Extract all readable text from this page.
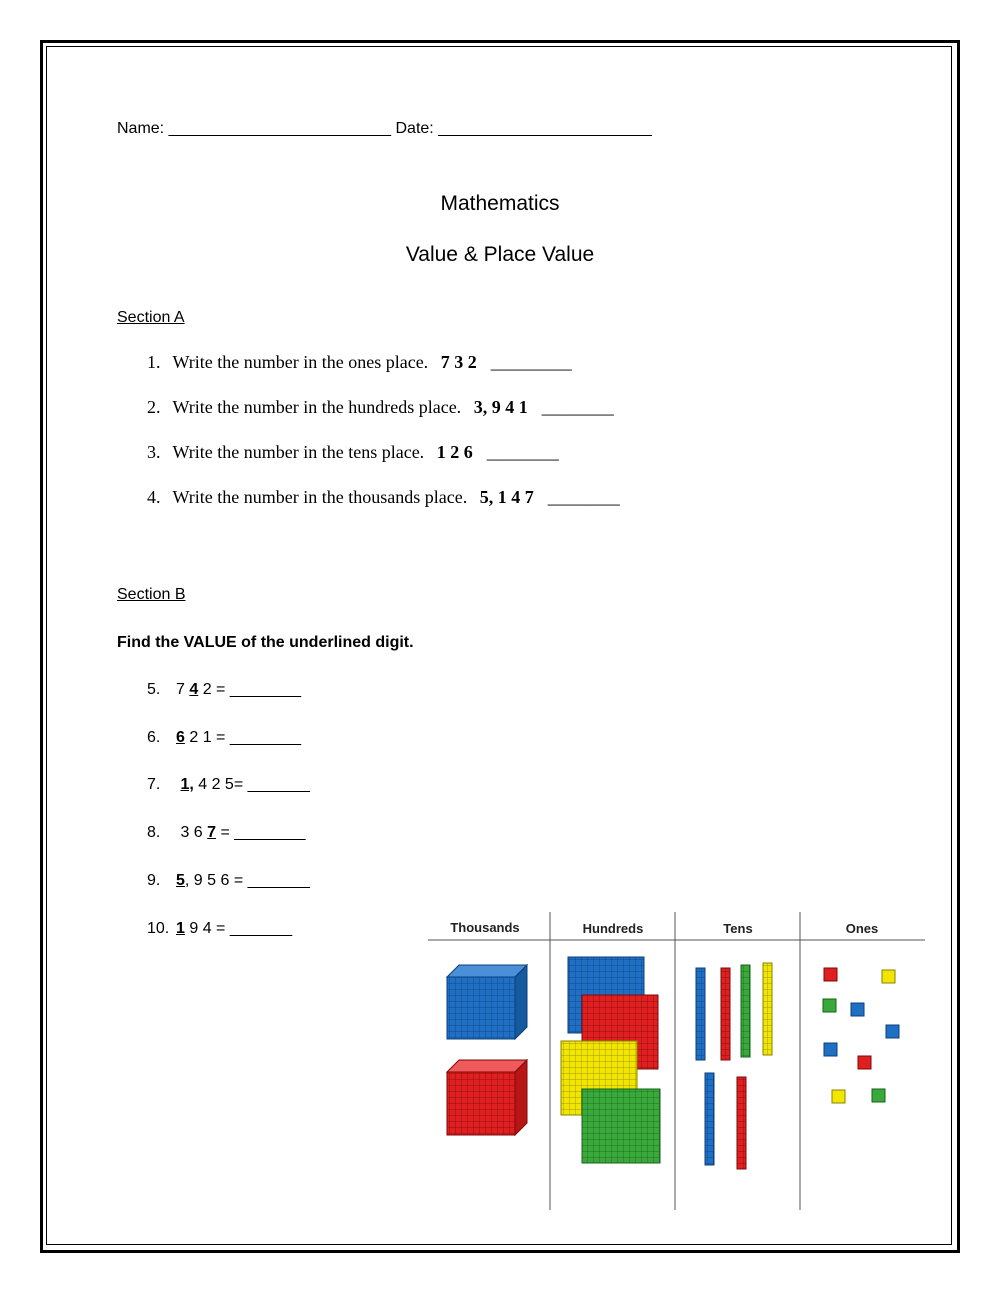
Name: _________________________ Date: ________________________
Mathematics
Value & Place Value
Section A
1. Write the number in the ones place. 7 3 2 _________
2. Write the number in the hundreds place. 3, 9 4 1 ________
3. Write the number in the tens place. 1 2 6 ________
4. Write the number in the thousands place. 5, 1 4 7 ________
Section B
Find the VALUE of the underlined digit.
5. 7 4 2 = ________
6. 6 2 1 = ________
7. 1, 4 2 5= _______
8. 3 6 7 = ________
9. 5, 9 5 6 = _______
10. 1 9 4 = _______	Thousands	Hundreds	Tens	Ones
